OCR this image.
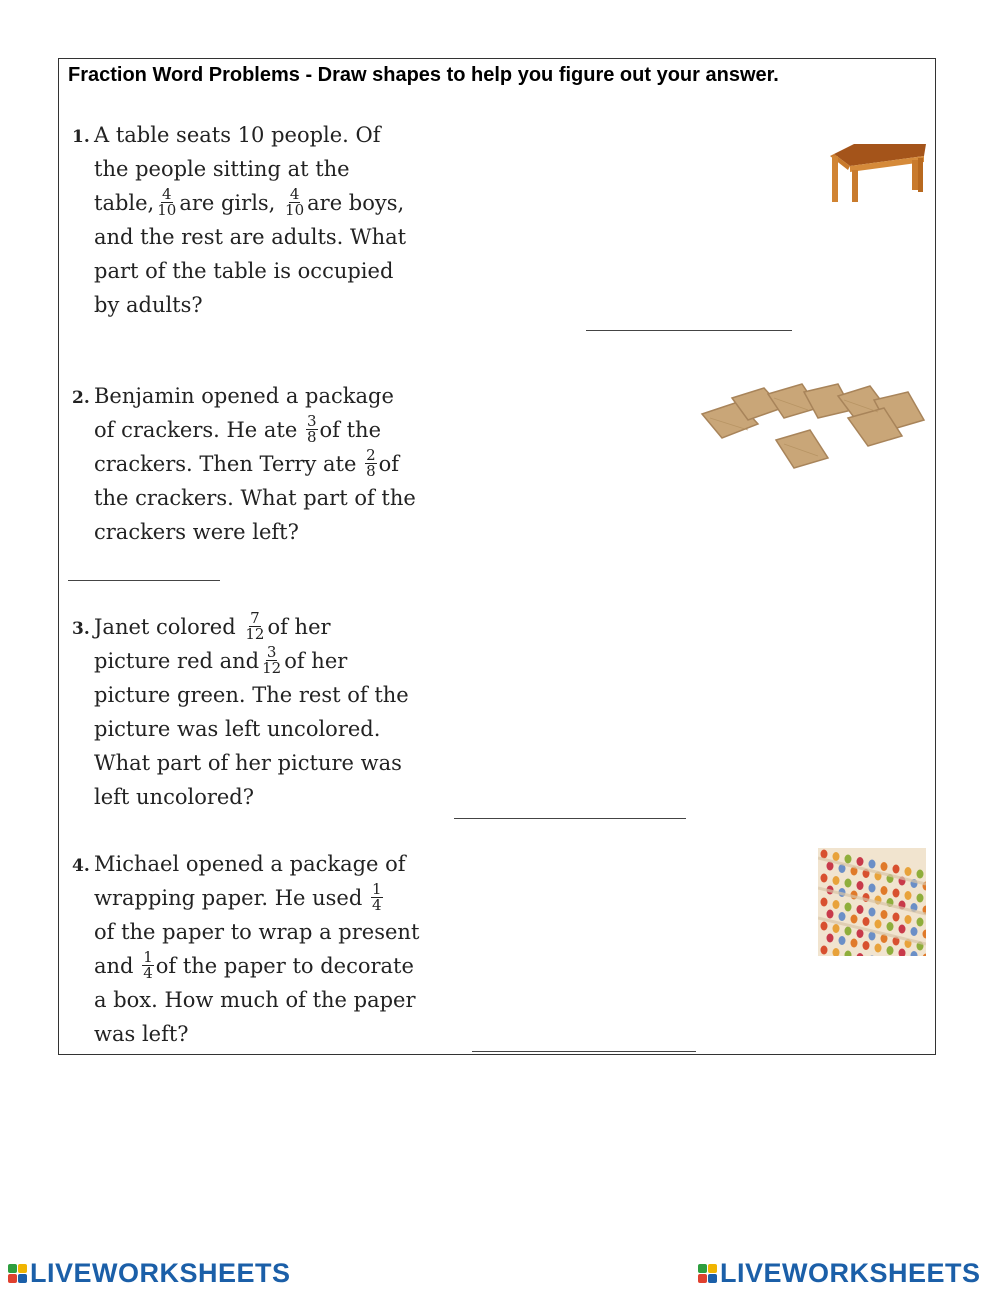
Fraction Word Problems - Draw shapes to help you figure out your answer.
1. A table seats 10 people. Of
the people sitting at the
table, $\frac{4}{10}$ are girls, $\frac{4}{10}$ are boys,
and the rest are adults. What
part of the table is occupied
by adults?
2. Benjamin opened a package
of crackers. He ate $\frac{3}{8}$ of the
crackers. Then Terry ate $\frac{2}{8}$ of
the crackers. What part of the
crackers were left?
3. Janet colored $\frac{7}{12}$ of her
picture red and $\frac{3}{12}$ of her
picture green. The rest of the
picture was left uncolored.
What part of her picture was
left uncolored?
4. Michael opened a package of
wrapping paper. He used $\frac{1}{4}$
of the paper to wrap a present
and $\frac{1}{4}$ of the paper to decorate
a box. How much of the paper
was left?
LIVEWORKSHEETS	LIVEWORKSHEETS
